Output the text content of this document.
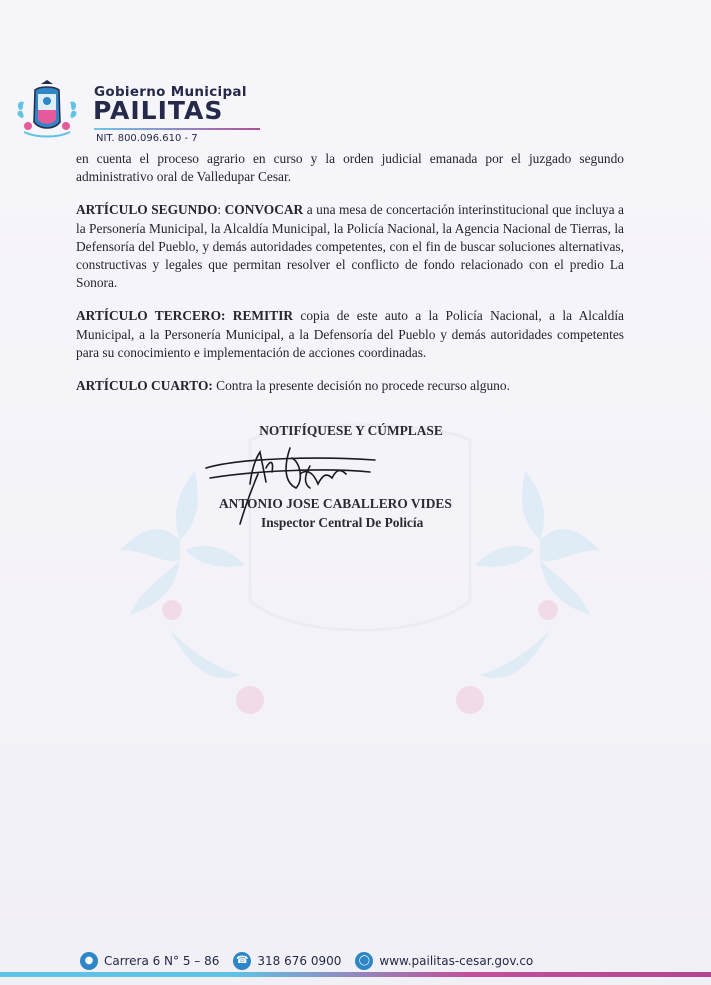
Gobierno Municipal
PAILITAS
NIT. 800.096.610 - 7

en cuenta el proceso agrario en curso y la orden judicial emanada por el juzgado segundo administrativo oral de Valledupar Cesar.

ARTÍCULO SEGUNDO: CONVOCAR a una mesa de concertación interinstitucional que incluya a la Personería Municipal, la Alcaldía Municipal, la Policía Nacional, la Agencia Nacional de Tierras, la Defensoría del Pueblo, y demás autoridades competentes, con el fin de buscar soluciones alternativas, constructivas y legales que permitan resolver el conflicto de fondo relacionado con el predio La Sonora.

ARTÍCULO TERCERO: REMITIR copia de este auto a la Policía Nacional, a la Alcaldía Municipal, a la Personería Municipal, a la Defensoría del Pueblo y demás autoridades competentes para su conocimiento e implementación de acciones coordinadas.

ARTÍCULO CUARTO: Contra la presente decisión no procede recurso alguno.

NOTIFÍQUESE Y CÚMPLASE
ANTONIO JOSE CABALLERO VIDES
Inspector Central De Policía
● Carrera 6 N° 5 – 86 ☎ 318 676 0900	◯ www.pailitas-cesar.gov.co
